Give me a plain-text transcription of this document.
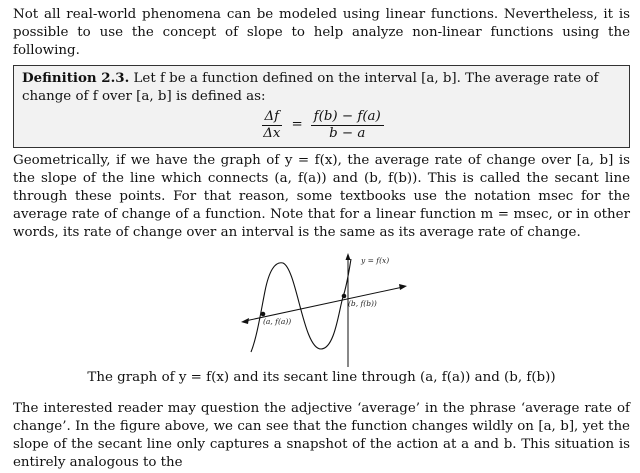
Not all real-world phenomena can be modeled using linear functions. Nevertheless, it is possible to use the concept of slope to help analyze non-linear functions using the following.

Definition 2.3. Let f be a function defined on the interval [a, b]. The average rate of change of f over [a, b] is defined as:
$\frac{\Delta f}{\Delta x} = \frac{f(b) - f(a)}{b - a}$

Geometrically, if we have the graph of y = f(x), the average rate of change over [a, b] is the slope of the line which connects (a, f(a)) and (b, f(b)). This is called the secant line through these points. For that reason, some textbooks use the notation msec for the average rate of change of a function. Note that for a linear function m = msec, or in other words, its rate of change over an interval is the same as its average rate of change.

y = f(x)
(a, f(a))
(b, f(b))

The graph of y = f(x) and its secant line through (a, f(a)) and (b, f(b))

The interested reader may question the adjective ‘average’ in the phrase ‘average rate of change’. In the figure above, we can see that the function changes wildly on [a, b], yet the slope of the secant line only captures a snapshot of the action at a and b. This situation is entirely analogous to the
